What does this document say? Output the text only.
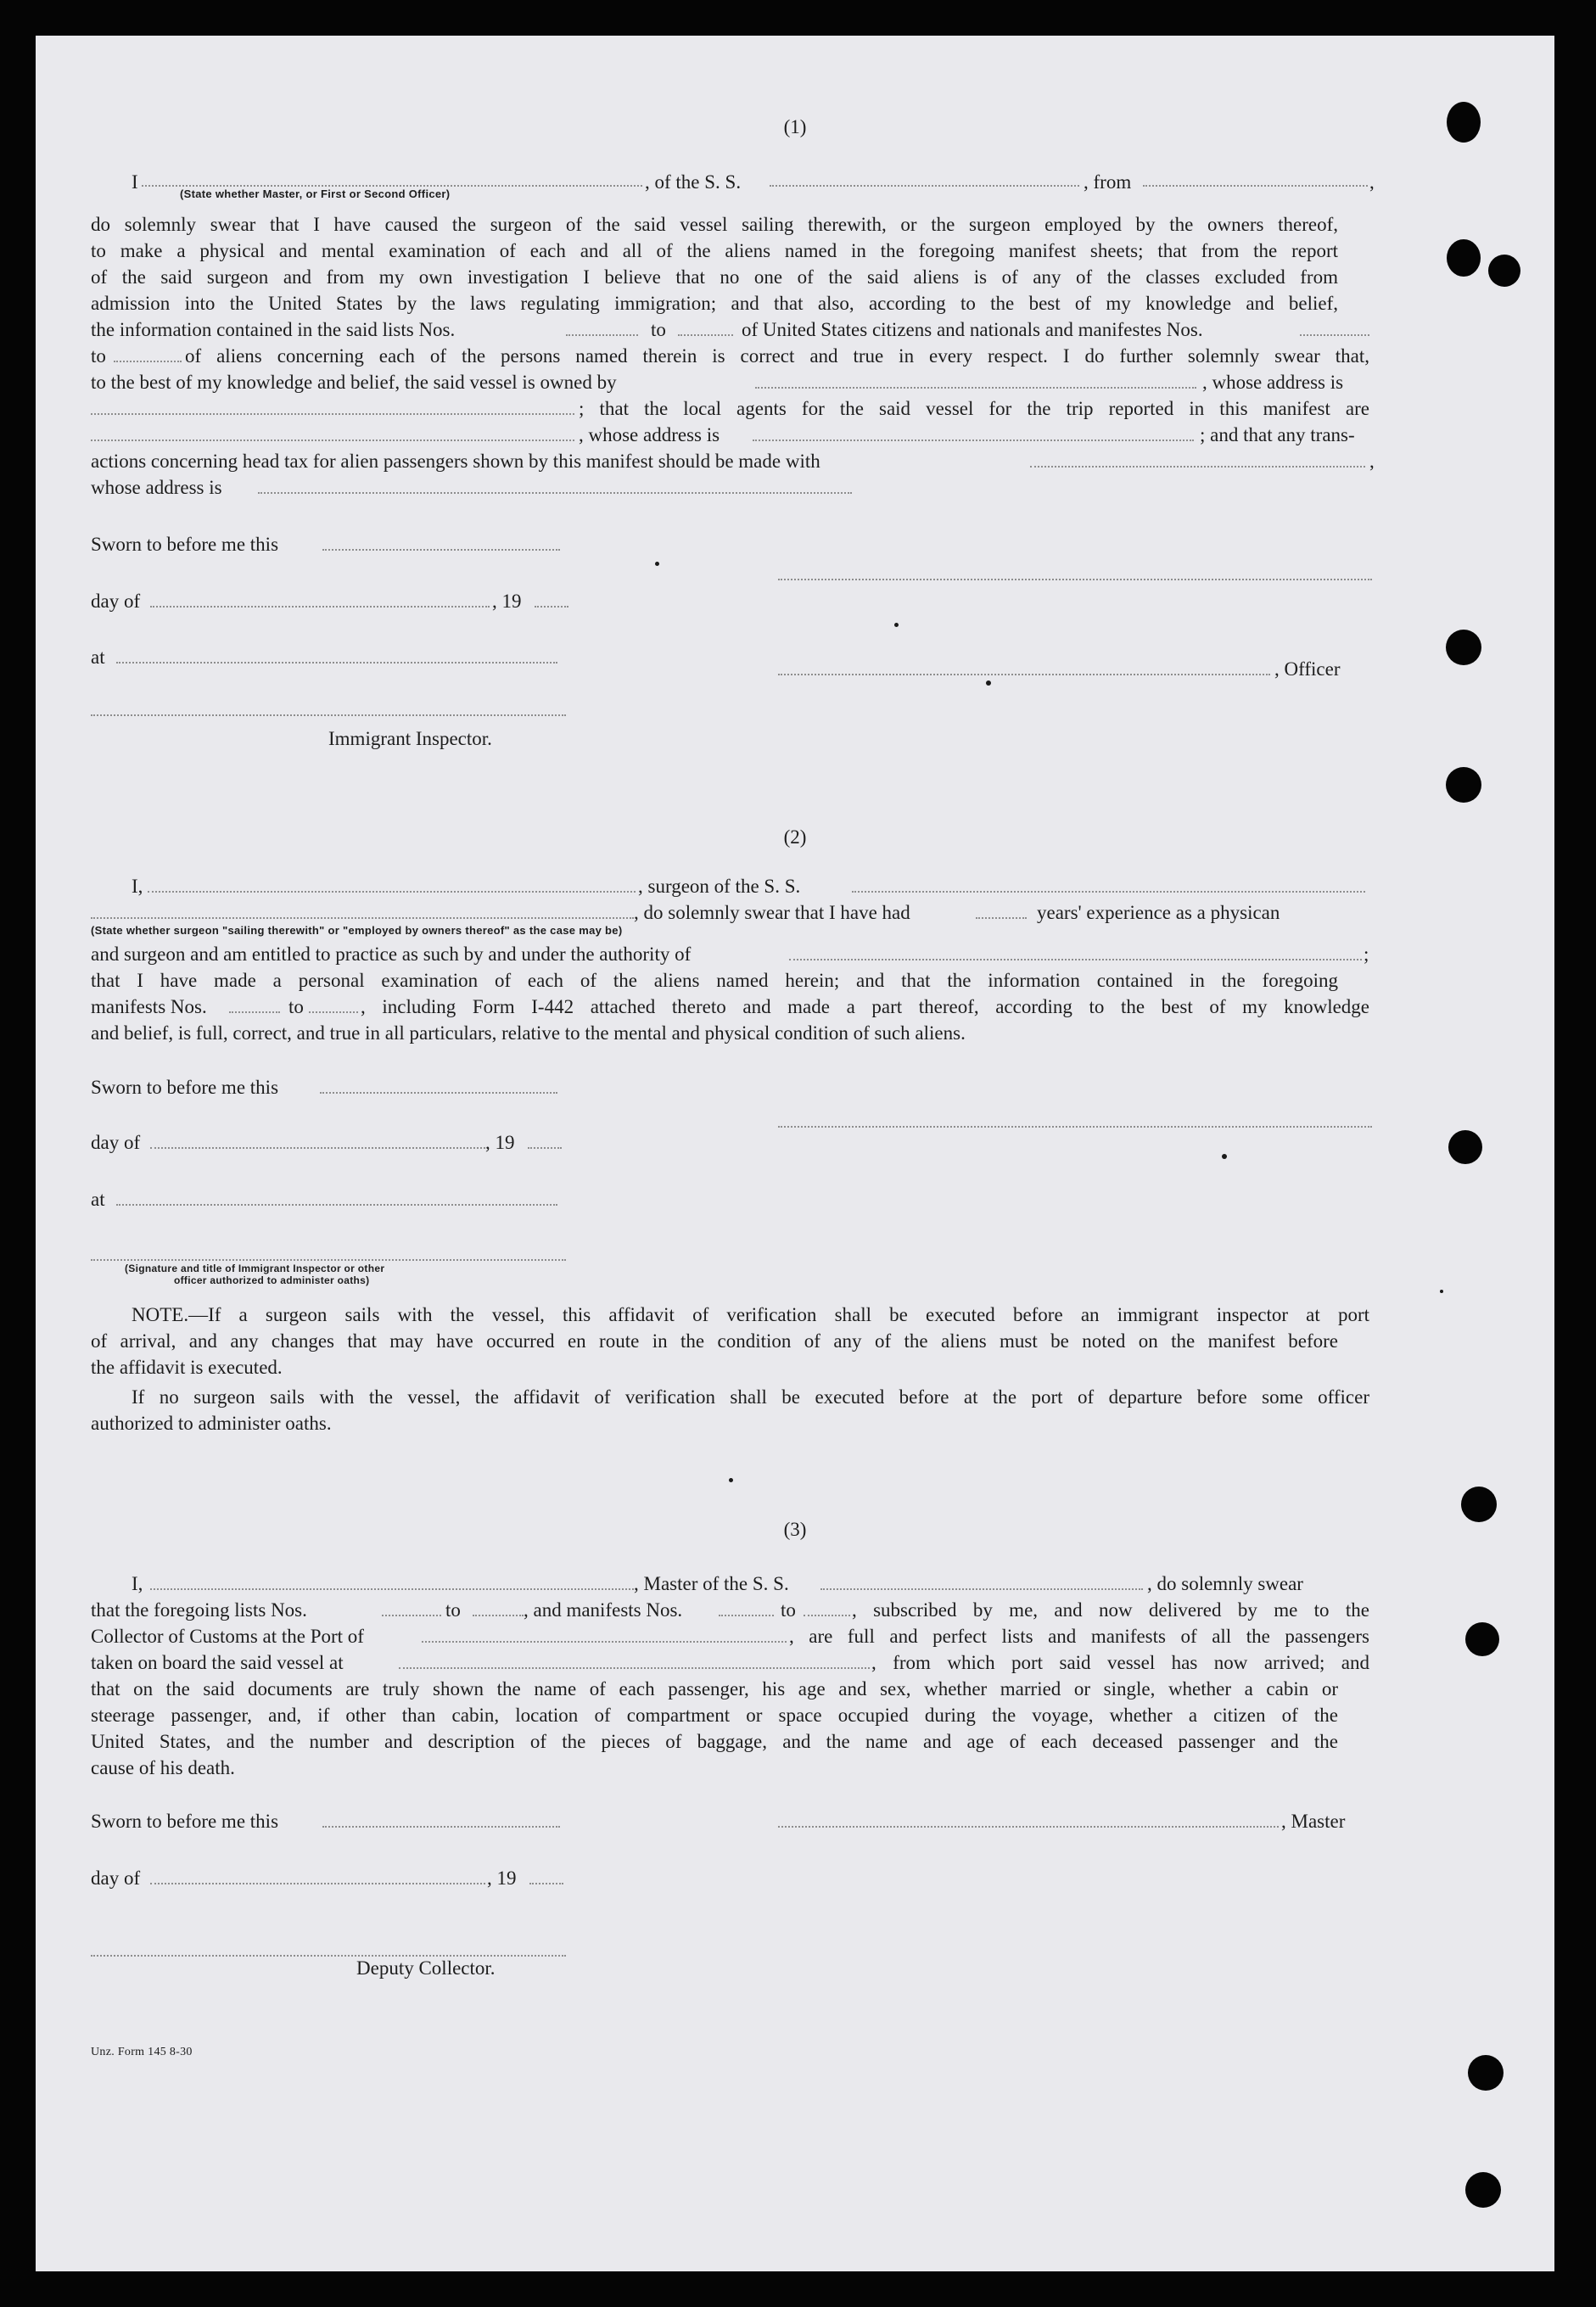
(1)
I
(State whether Master, or First or Second Officer)
, of the S. S.	, from	,
do solemnly swear that I have caused the surgeon of the said vessel sailing therewith, or the surgeon employed by the owners thereof,
to make a physical and mental examination of each and all of the aliens named in the foregoing manifest sheets; that from the report
of the said surgeon and from my own investigation I believe that no one of the said aliens is of any of the classes excluded from
admission into the United States by the laws regulating immigration; and that also, according to the best of my knowledge and belief,
the information contained in the said lists Nos.	to	of United States citizens and nationals and manifestes Nos.
to	of aliens concerning each of the persons named therein is correct and true in every respect. I do further solemnly swear that,
to the best of my knowledge and belief, the said vessel is owned by	, whose address is
; that the local agents for the said vessel for the trip reported in this manifest are
, whose address is	; and that any trans-
actions concerning head tax for alien passengers shown by this manifest should be made with	,
whose address is
Sworn to before me this
day of	, 19
at
, Officer
Immigrant Inspector.
(2)
I,	, surgeon of the S. S.
, do solemnly swear that I have had	years' experience as a physican
(State whether surgeon "sailing therewith" or "employed by owners thereof" as the case may be)
and surgeon and am entitled to practice as such by and under the authority of	;
that I have made a personal examination of each of the aliens named herein; and that the information contained in the foregoing
manifests Nos.	to	, including Form I-442 attached thereto and made a part thereof, according to the best of my knowledge
and belief, is full, correct, and true in all particulars, relative to the mental and physical condition of such aliens.
Sworn to before me this
day of	, 19
at
(Signature and title of Immigrant Inspector or other
officer authorized to administer oaths)
NOTE.—If a surgeon sails with the vessel, this affidavit of verification shall be executed before an immigrant inspector at port
of arrival, and any changes that may have occurred en route in the condition of any of the aliens must be noted on the manifest before
the affidavit is executed.
If no surgeon sails with the vessel, the affidavit of verification shall be executed before at the port of departure before some officer
authorized to administer oaths.
(3)
I,	, Master of the S. S.	, do solemnly swear
that the foregoing lists Nos.	to	, and manifests Nos.	to	, subscribed by me, and now delivered by me to the
Collector of Customs at the Port of	, are full and perfect lists and manifests of all the passengers
taken on board the said vessel at	, from which port said vessel has now arrived; and
that on the said documents are truly shown the name of each passenger, his age and sex, whether married or single, whether a cabin or
steerage passenger, and, if other than cabin, location of compartment or space occupied during the voyage, whether a citizen of the
United States, and the number and description of the pieces of baggage, and the name and age of each deceased passenger and the
cause of his death.
Sworn to before me this	, Master
day of	, 19
Deputy Collector.
Unz. Form 145 8-30
